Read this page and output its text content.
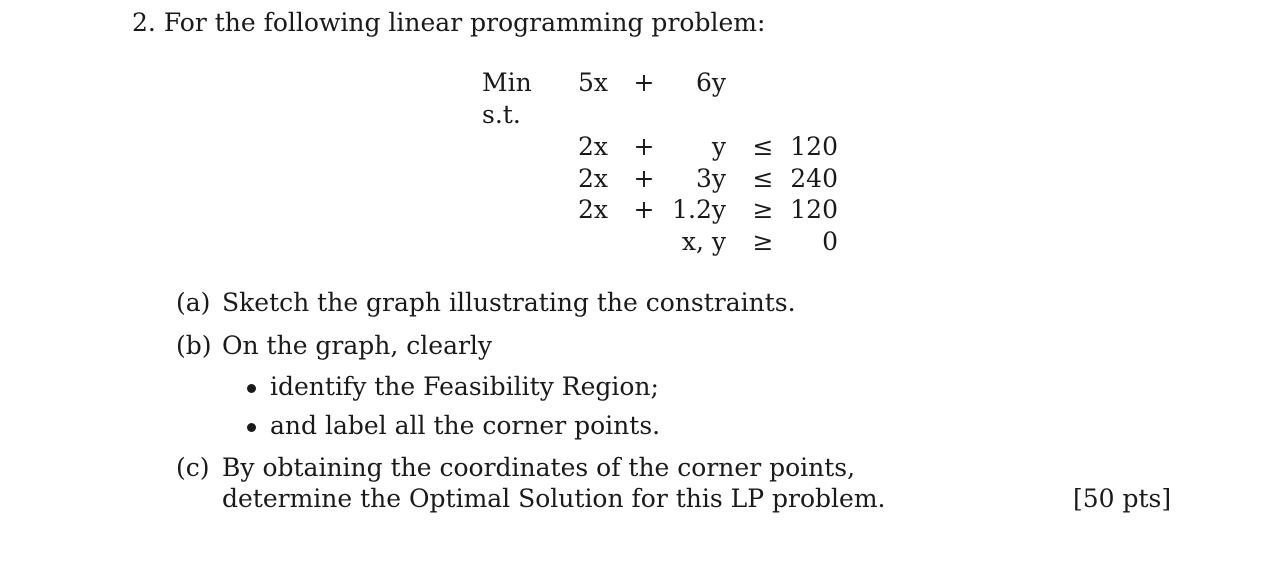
2. For the following linear programming problem:
Min	5x +	6y
s.t.
2x +	y ≤ 120
2x +	3y ≤ 240
2x + 1.2y ≥ 120
x, y ≥	0
(a) Sketch the graph illustrating the constraints.
(b) On the graph, clearly
identify the Feasibility Region;
and label all the corner points.
(c) By obtaining the coordinates of the corner points,
determine the Optimal Solution for this LP problem.	[50 pts]
